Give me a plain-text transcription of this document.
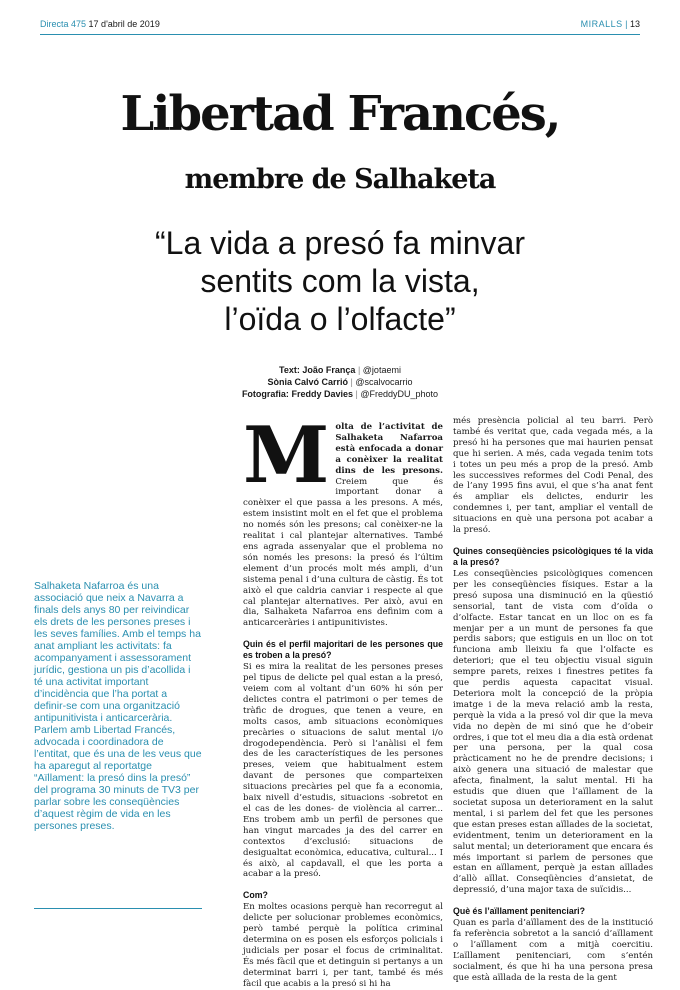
Directa 475 17 d'abril de 2019	MIRALLS | 13
Libertad Francés,
membre de Salhaketa
“La vida a presó fa minvar
sentits com la vista,
l’oïda o l’olfacte”
Text: João França | @jotaemi
Sònia Calvó Carrió | @scalvocarrio
Fotografia: Freddy Davies | @FreddyDU_photo
Salhaketa Nafarroa és una associació que neix a Navarra a finals dels anys 80 per reivindicar els drets de les persones preses i les seves famílies. Amb el temps ha anat ampliant les activitats: fa acompanyament i assessorament jurídic, gestiona un pis d’acollida i té una activitat important d’incidència que l’ha portat a definir-se com una organització antipunitivista i anticarcerària. Parlem amb Libertad Francés, advocada i coordinadora de l’entitat, que és una de les veus que ha aparegut al reportatge “Aïllament: la presó dins la presó” del programa 30 minuts de TV3 per parlar sobre les conseqüències d’aquest règim de vida en les persones preses.
M olta de l’activitat de Salhaketa Nafarroa està enfocada a donar a conèixer la realitat dins de les presons. Creiem que és important donar a conèixer el que passa a les presons. A més, estem insistint molt en el fet que el problema no només són les presons; cal conèixer-ne la realitat i cal plantejar alternatives. També ens agrada assenyalar que el problema no són només les presons: la presó és l’últim element d’un procés molt més ampli, d’un sistema penal i d’una cultura de càstig. És tot això el que caldria canviar i respecte al que cal plantejar alternatives. Per això, avui en dia, Salhaketa Nafarroa ens definim com a anticarceràries i antipunitivistes.
Quin és el perfil majoritari de les persones que es troben a la presó?

Si es mira la realitat de les persones preses pel tipus de delicte pel qual estan a la presó, veiem com al voltant d’un 60% hi són per delictes contra el patrimoni o per temes de tràfic de drogues, que tenen a veure, en molts casos, amb situacions econòmiques precàries o situacions de salut mental i/o drogodependència. Però si l’anàlisi el fem des de les característiques de les persones preses, veiem que habitualment estem davant de persones que comparteixen situacions precàries pel que fa a economia, baix nivell d’estudis, situacions -sobretot en el cas de les dones- de violència al carrer... Ens trobem amb un perfil de persones que han vingut marcades ja des del carrer en contextos d’exclusió: situacions de desigualtat econòmica, educativa, cultural... I és això, al capdavall, el que les porta a acabar a la presó.

Com?

En moltes ocasions perquè han recorregut al delicte per solucionar problemes econòmics, però també perquè la política criminal determina on es posen els esforços policials i judicials per posar el focus de criminalitat. És més fàcil que et detinguin si pertanys a un determinat barri i, per tant, també és més fàcil que acabis a la presó si hi ha

més presència policial al teu barri. Però també és veritat que, cada vegada més, a la presó hi ha persones que mai haurien pensat que hi serien. A més, cada vegada tenim tots i totes un peu més a prop de la presó. Amb les successives reformes del Codi Penal, des de l’any 1995 fins avui, el que s’ha anat fent és ampliar els delictes, endurir les condemnes i, per tant, ampliar el ventall de situacions en què una persona pot acabar a la presó.

Quines conseqüències psicològiques té la vida a la presó?

Les conseqüències psicològiques comencen per les conseqüències físiques. Estar a la presó suposa una disminució en la qüestió sensorial, tant de vista com d’oïda o d’olfacte. Estar tancat en un lloc on es fa menjar per a un munt de persones fa que perdis sabors; que estiguis en un lloc on tot funciona amb lleixiu fa que l’olfacte es deteriori; que el teu objectiu visual siguin sempre parets, reixes i finestres petites fa que perdis aquesta capacitat visual. Deteriora molt la concepció de la pròpia imatge i de la meva relació amb la resta, perquè la vida a la presó vol dir que la meva vida no depèn de mi sinó que he d’obeir ordres, i que tot el meu dia a dia està ordenat per una persona, per la qual cosa pràcticament no he de prendre decisions; i això genera una situació de malestar que afecta, finalment, la salut mental. Hi ha estudis que diuen que l’aïllament de la societat suposa un deteriorament en la salut mental, i si parlem del fet que les persones que estan preses estan aïllades de la societat, evidentment, tenim un deteriorament en la salut mental; un deteriorament que encara és més important si parlem de persones que estan en aïllament, perquè ja estan aïllades d’allò aïllat. Conseqüències d’ansietat, de depressió, d’una major taxa de suïcidis...

Què és l’aïllament penitenciari?

Quan es parla d’aïllament des de la institució fa referència sobretot a la sanció d’aïllament o l’aïllament com a mitjà coercitiu. L’aïllament penitenciari, com s’entén socialment, és que hi ha una persona presa que està aïllada de la resta de la gent
